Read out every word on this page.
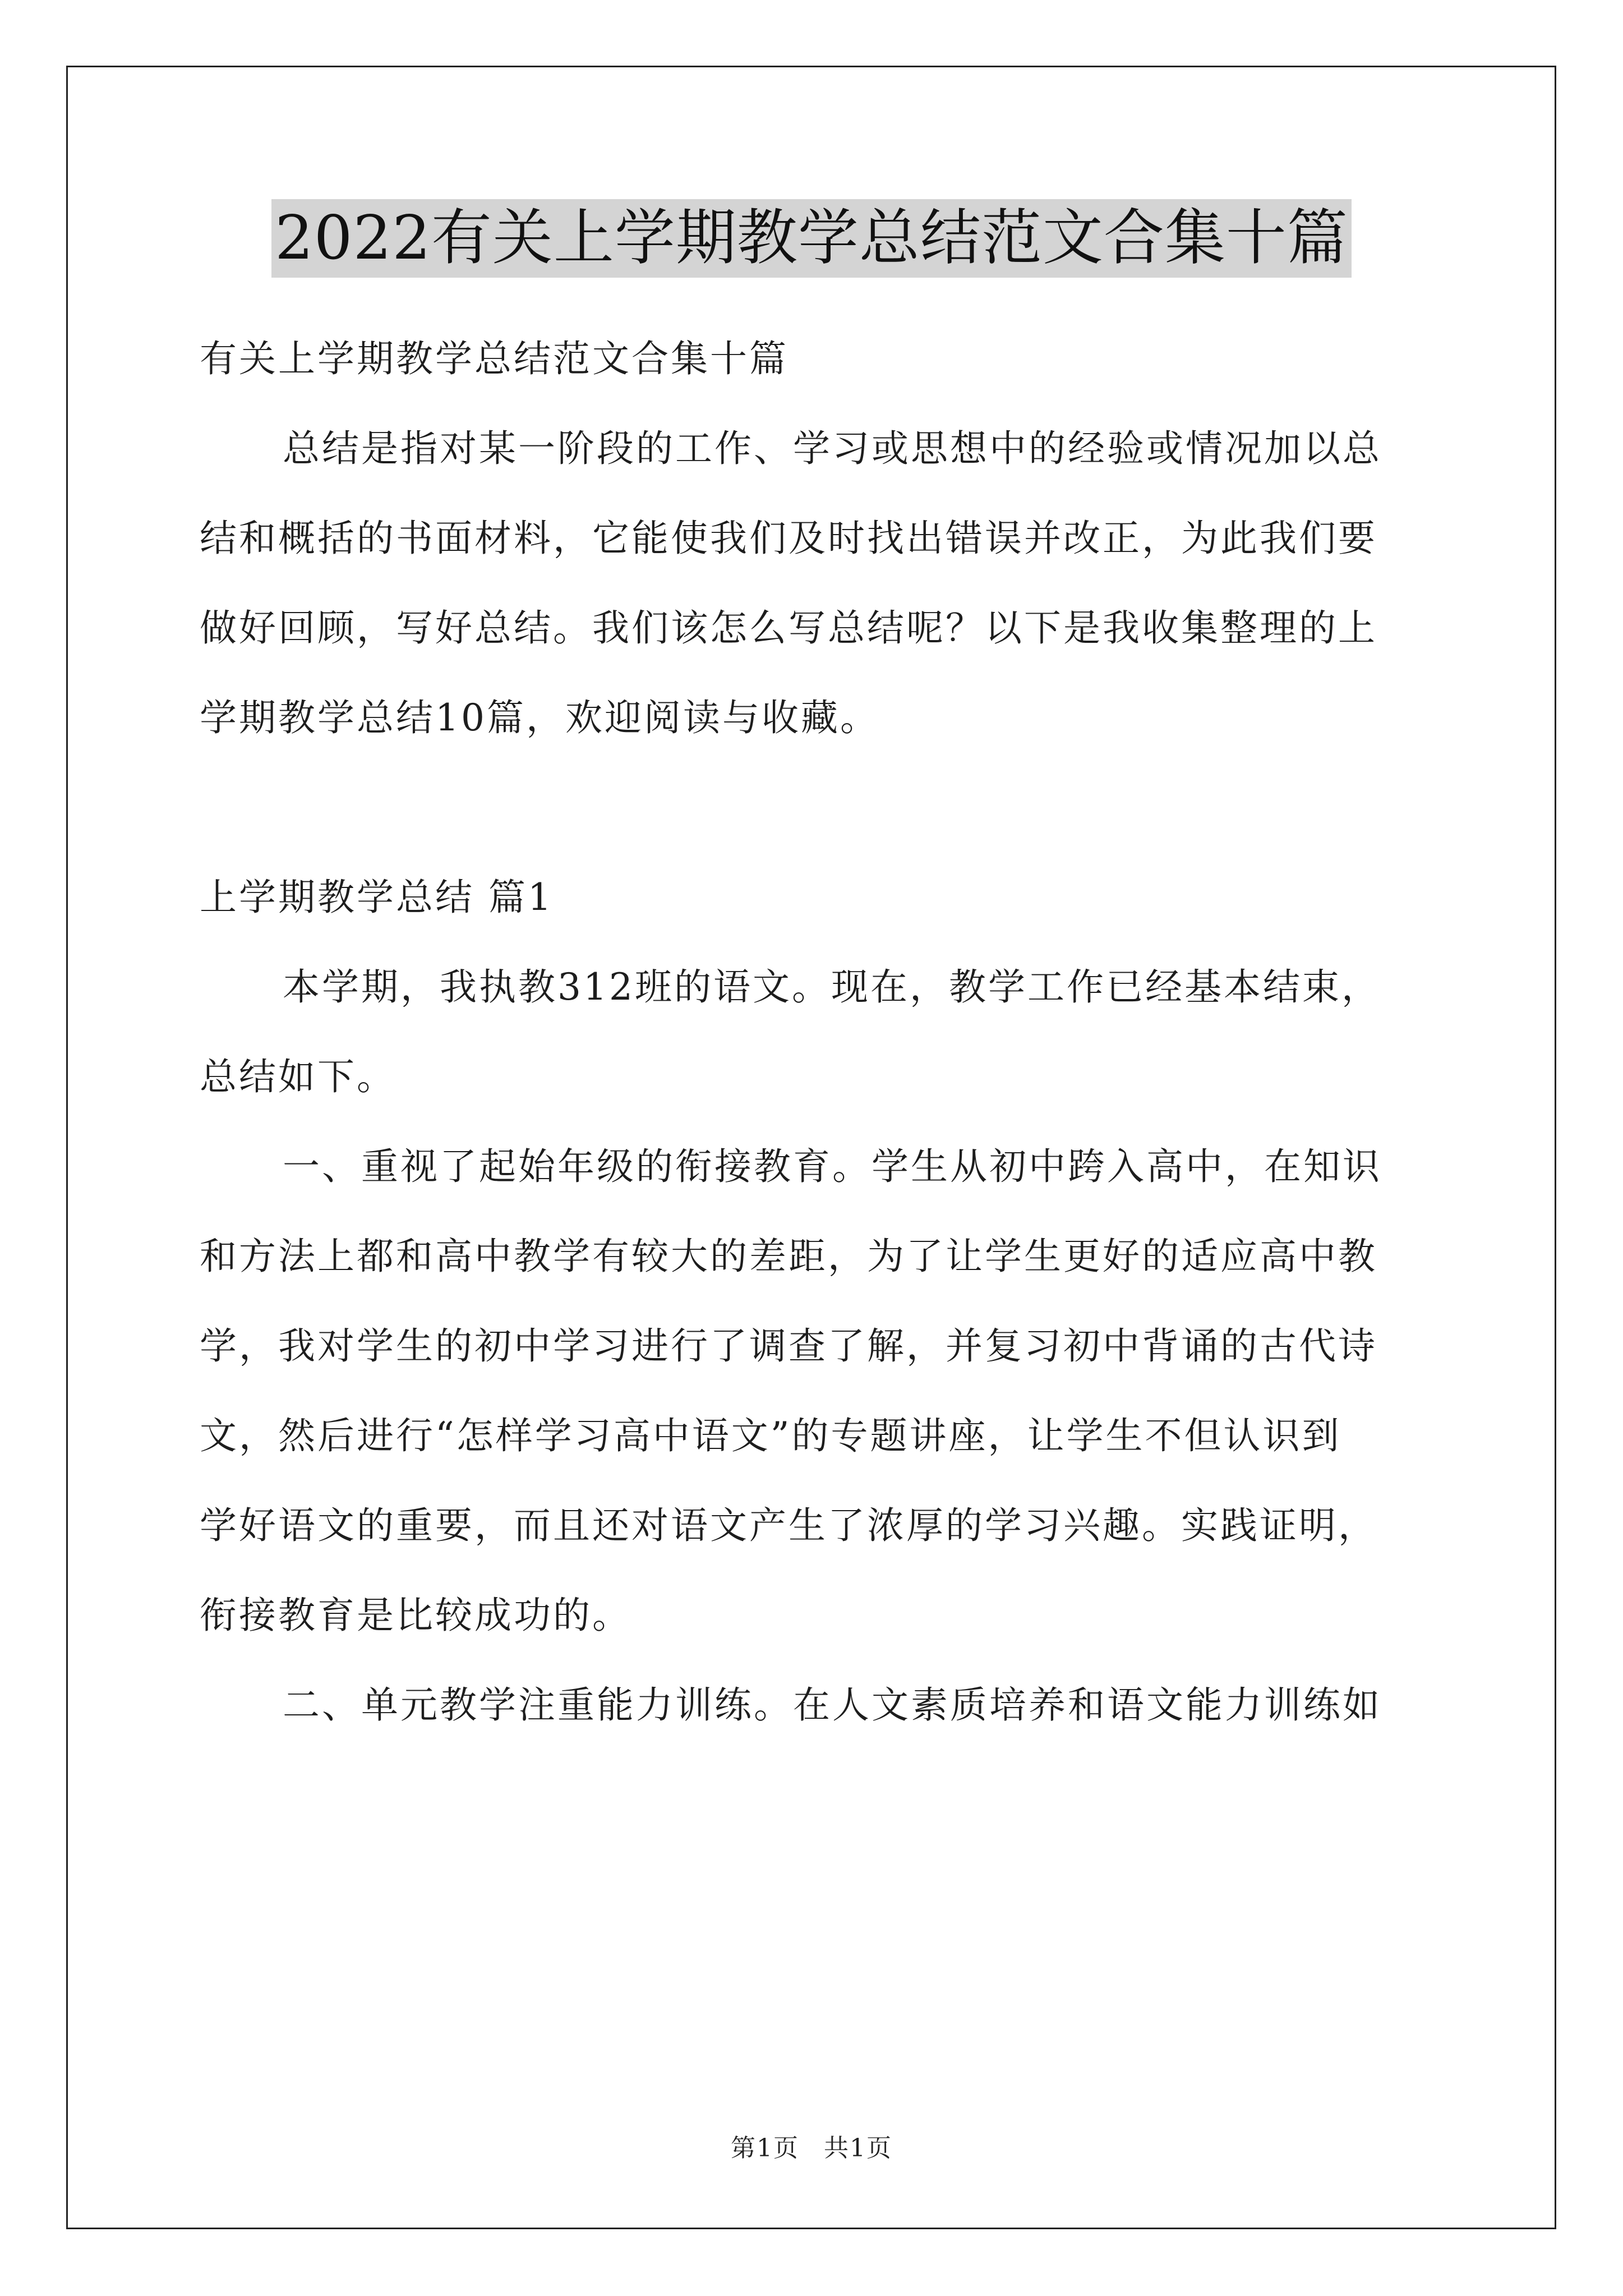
2022有关上学期教学总结范文合集十篇
有关上学期教学总结范文合集十篇
总结是指对某一阶段的工作、学习或思想中的经验或情况加以总
结和概括的书面材料，它能使我们及时找出错误并改正，为此我们要
做好回顾，写好总结。我们该怎么写总结呢？以下是我收集整理的上
学期教学总结10篇，欢迎阅读与收藏。
上学期教学总结 篇1
本学期，我执教312班的语文。现在，教学工作已经基本结束，
总结如下。
一、重视了起始年级的衔接教育。学生从初中跨入高中，在知识
和方法上都和高中教学有较大的差距，为了让学生更好的适应高中教
学，我对学生的初中学习进行了调查了解，并复习初中背诵的古代诗
文，然后进行“怎样学习高中语文”的专题讲座，让学生不但认识到
学好语文的重要，而且还对语文产生了浓厚的学习兴趣。实践证明，
衔接教育是比较成功的。
二、单元教学注重能力训练。在人文素质培养和语文能力训练如
第1页 共1页
